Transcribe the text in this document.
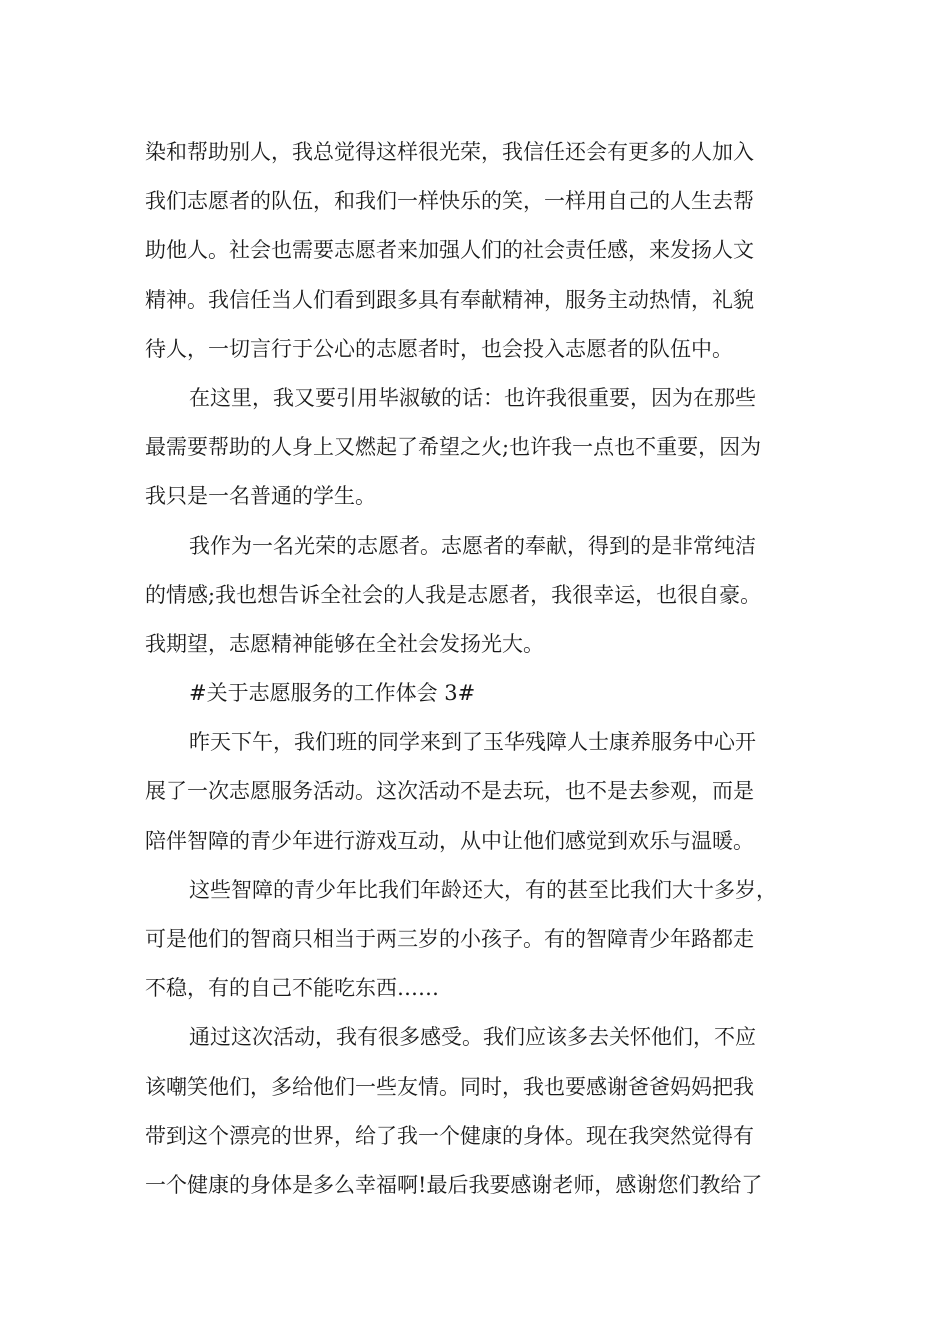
染和帮助别人，我总觉得这样很光荣，我信任还会有更多的人加入
我们志愿者的队伍，和我们一样快乐的笑，一样用自己的人生去帮
助他人。社会也需要志愿者来加强人们的社会责任感，来发扬人文
精神。我信任当人们看到跟多具有奉献精神，服务主动热情，礼貌
待人，一切言行于公心的志愿者时，也会投入志愿者的队伍中。
在这里，我又要引用毕淑敏的话：也许我很重要，因为在那些
最需要帮助的人身上又燃起了希望之火;也许我一点也不重要，因为
我只是一名普通的学生。
我作为一名光荣的志愿者。志愿者的奉献，得到的是非常纯洁
的情感;我也想告诉全社会的人我是志愿者，我很幸运，也很自豪。
我期望，志愿精神能够在全社会发扬光大。
#关于志愿服务的工作体会 3#
昨天下午，我们班的同学来到了玉华残障人士康养服务中心开
展了一次志愿服务活动。这次活动不是去玩，也不是去参观，而是
陪伴智障的青少年进行游戏互动，从中让他们感觉到欢乐与温暖。
这些智障的青少年比我们年龄还大，有的甚至比我们大十多岁，
可是他们的智商只相当于两三岁的小孩子。有的智障青少年路都走
不稳，有的自己不能吃东西……
通过这次活动，我有很多感受。我们应该多去关怀他们，不应
该嘲笑他们，多给他们一些友情。同时，我也要感谢爸爸妈妈把我
带到这个漂亮的世界，给了我一个健康的身体。现在我突然觉得有
一个健康的身体是多么幸福啊!最后我要感谢老师，感谢您们教给了
